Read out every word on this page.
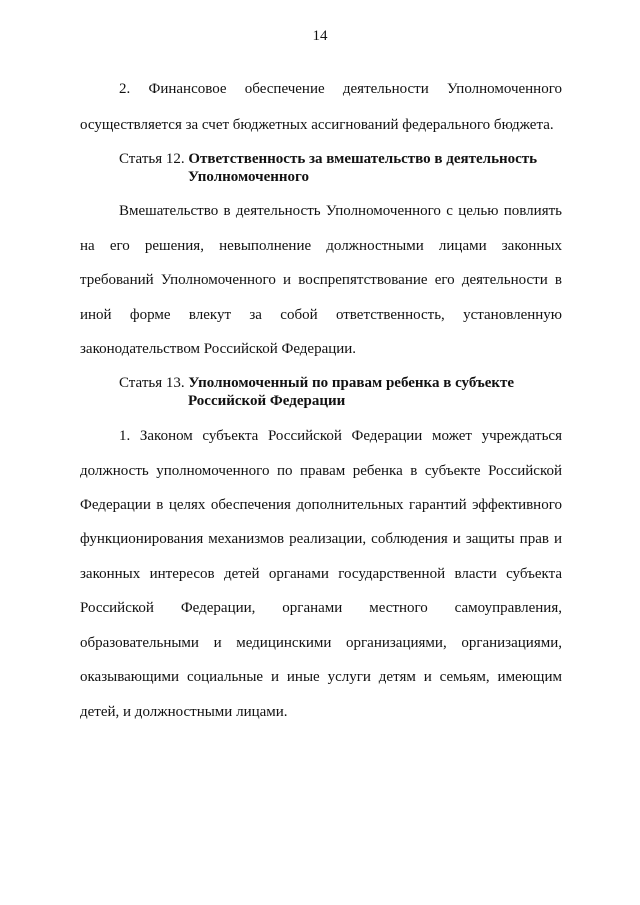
14
2. Финансовое обеспечение деятельности Уполномоченного
осуществляется за счет бюджетных ассигнований федерального бюджета.
Статья 12. Ответственность за вмешательство в деятельность
Уполномоченного
Вмешательство в деятельность Уполномоченного с целью повлиять
на его решения, невыполнение должностными лицами законных
требований Уполномоченного и воспрепятствование его деятельности в
иной форме влекут за собой ответственность, установленную
законодательством Российской Федерации.
Статья 13. Уполномоченный по правам ребенка в субъекте
Российской Федерации
1. Законом субъекта Российской Федерации может учреждаться
должность уполномоченного по правам ребенка в субъекте Российской
Федерации в целях обеспечения дополнительных гарантий эффективного
функционирования механизмов реализации, соблюдения и защиты прав и
законных интересов детей органами государственной власти субъекта
Российской Федерации, органами местного самоуправления,
образовательными и медицинскими организациями, организациями,
оказывающими социальные и иные услуги детям и семьям, имеющим
детей, и должностными лицами.
